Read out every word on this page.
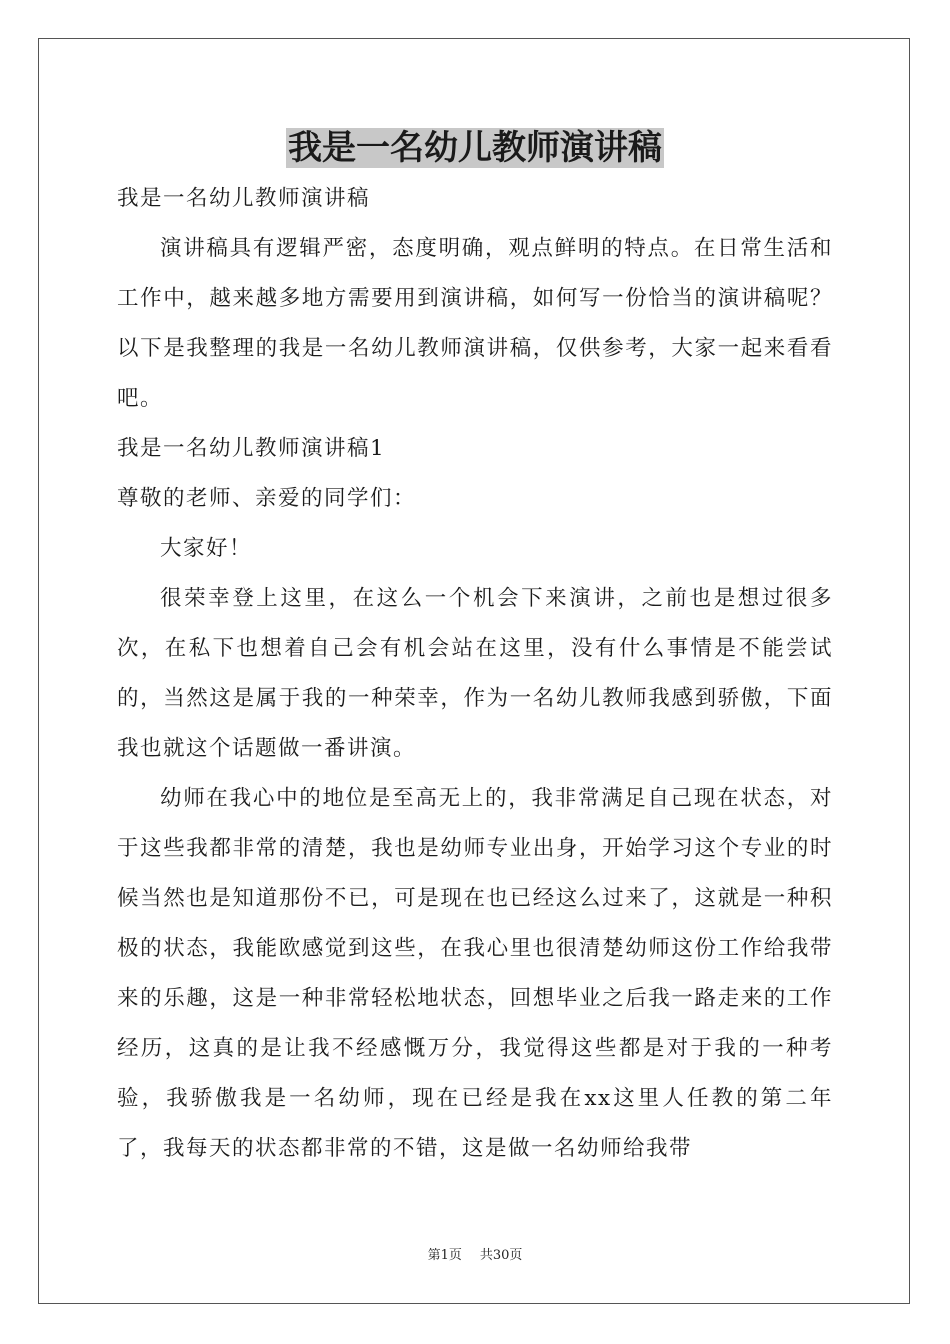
我是一名幼儿教师演讲稿

我是一名幼儿教师演讲稿

演讲稿具有逻辑严密，态度明确，观点鲜明的特点。在日常生活和工作中，越来越多地方需要用到演讲稿，如何写一份恰当的演讲稿呢？以下是我整理的我是一名幼儿教师演讲稿，仅供参考，大家一起来看看吧。

我是一名幼儿教师演讲稿1

尊敬的老师、亲爱的同学们：

大家好！

很荣幸登上这里，在这么一个机会下来演讲，之前也是想过很多次，在私下也想着自己会有机会站在这里，没有什么事情是不能尝试的，当然这是属于我的一种荣幸，作为一名幼儿教师我感到骄傲，下面我也就这个话题做一番讲演。

幼师在我心中的地位是至高无上的，我非常满足自己现在状态，对于这些我都非常的清楚，我也是幼师专业出身，开始学习这个专业的时候当然也是知道那份不已，可是现在也已经这么过来了，这就是一种积极的状态，我能欧感觉到这些，在我心里也很清楚幼师这份工作给我带来的乐趣，这是一种非常轻松地状态，回想毕业之后我一路走来的工作经历，这真的是让我不经感慨万分，我觉得这些都是对于我的一种考验，我骄傲我是一名幼师，现在已经是我在xx这里人任教的第二年了，我每天的状态都非常的不错，这是做一名幼师给我带

第1页 共30页
